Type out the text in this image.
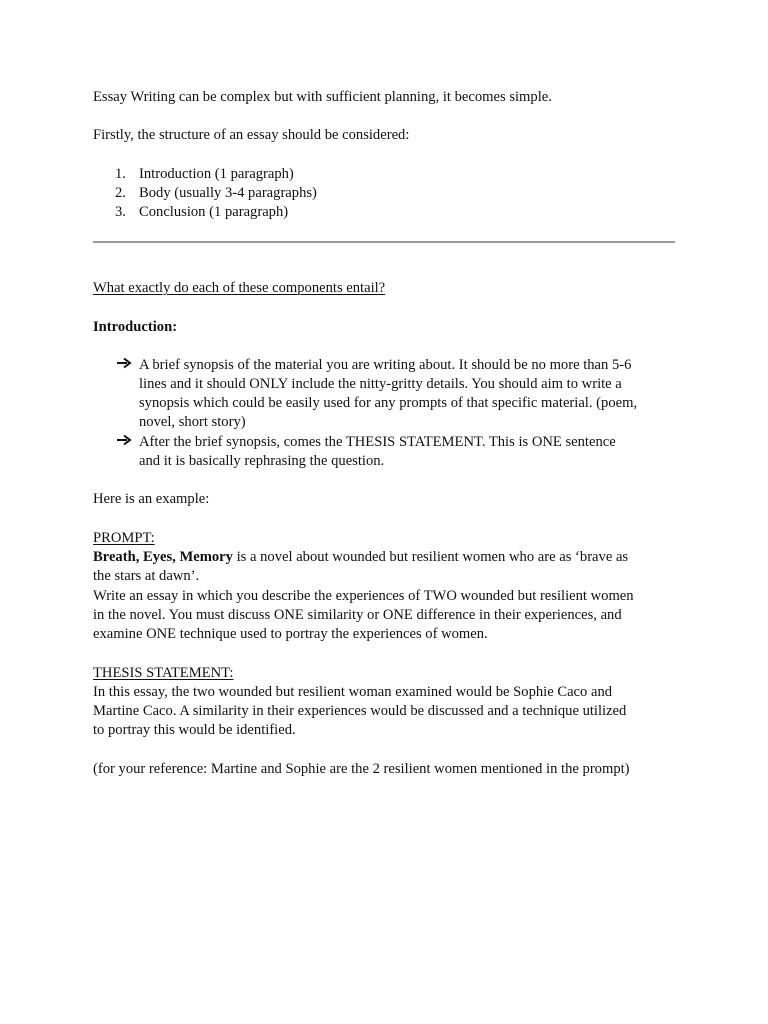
Essay Writing can be complex but with sufficient planning, it becomes simple.
Firstly, the structure of an essay should be considered:
1. Introduction (1 paragraph)
2. Body (usually 3-4 paragraphs)
3. Conclusion (1 paragraph)
What exactly do each of these components entail?
Introduction:
A brief synopsis of the material you are writing about. It should be no more than 5-6
lines and it should ONLY include the nitty-gritty details. You should aim to write a
synopsis which could be easily used for any prompts of that specific material. (poem,
novel, short story)
After the brief synopsis, comes the THESIS STATEMENT. This is ONE sentence
and it is basically rephrasing the question.
Here is an example:
PROMPT:
Breath, Eyes, Memory is a novel about wounded but resilient women who are as ‘brave as
the stars at dawn’.
Write an essay in which you describe the experiences of TWO wounded but resilient women
in the novel. You must discuss ONE similarity or ONE difference in their experiences, and
examine ONE technique used to portray the experiences of women.
THESIS STATEMENT:
In this essay, the two wounded but resilient woman examined would be Sophie Caco and
Martine Caco. A similarity in their experiences would be discussed and a technique utilized
to portray this would be identified.
(for your reference: Martine and Sophie are the 2 resilient women mentioned in the prompt)
